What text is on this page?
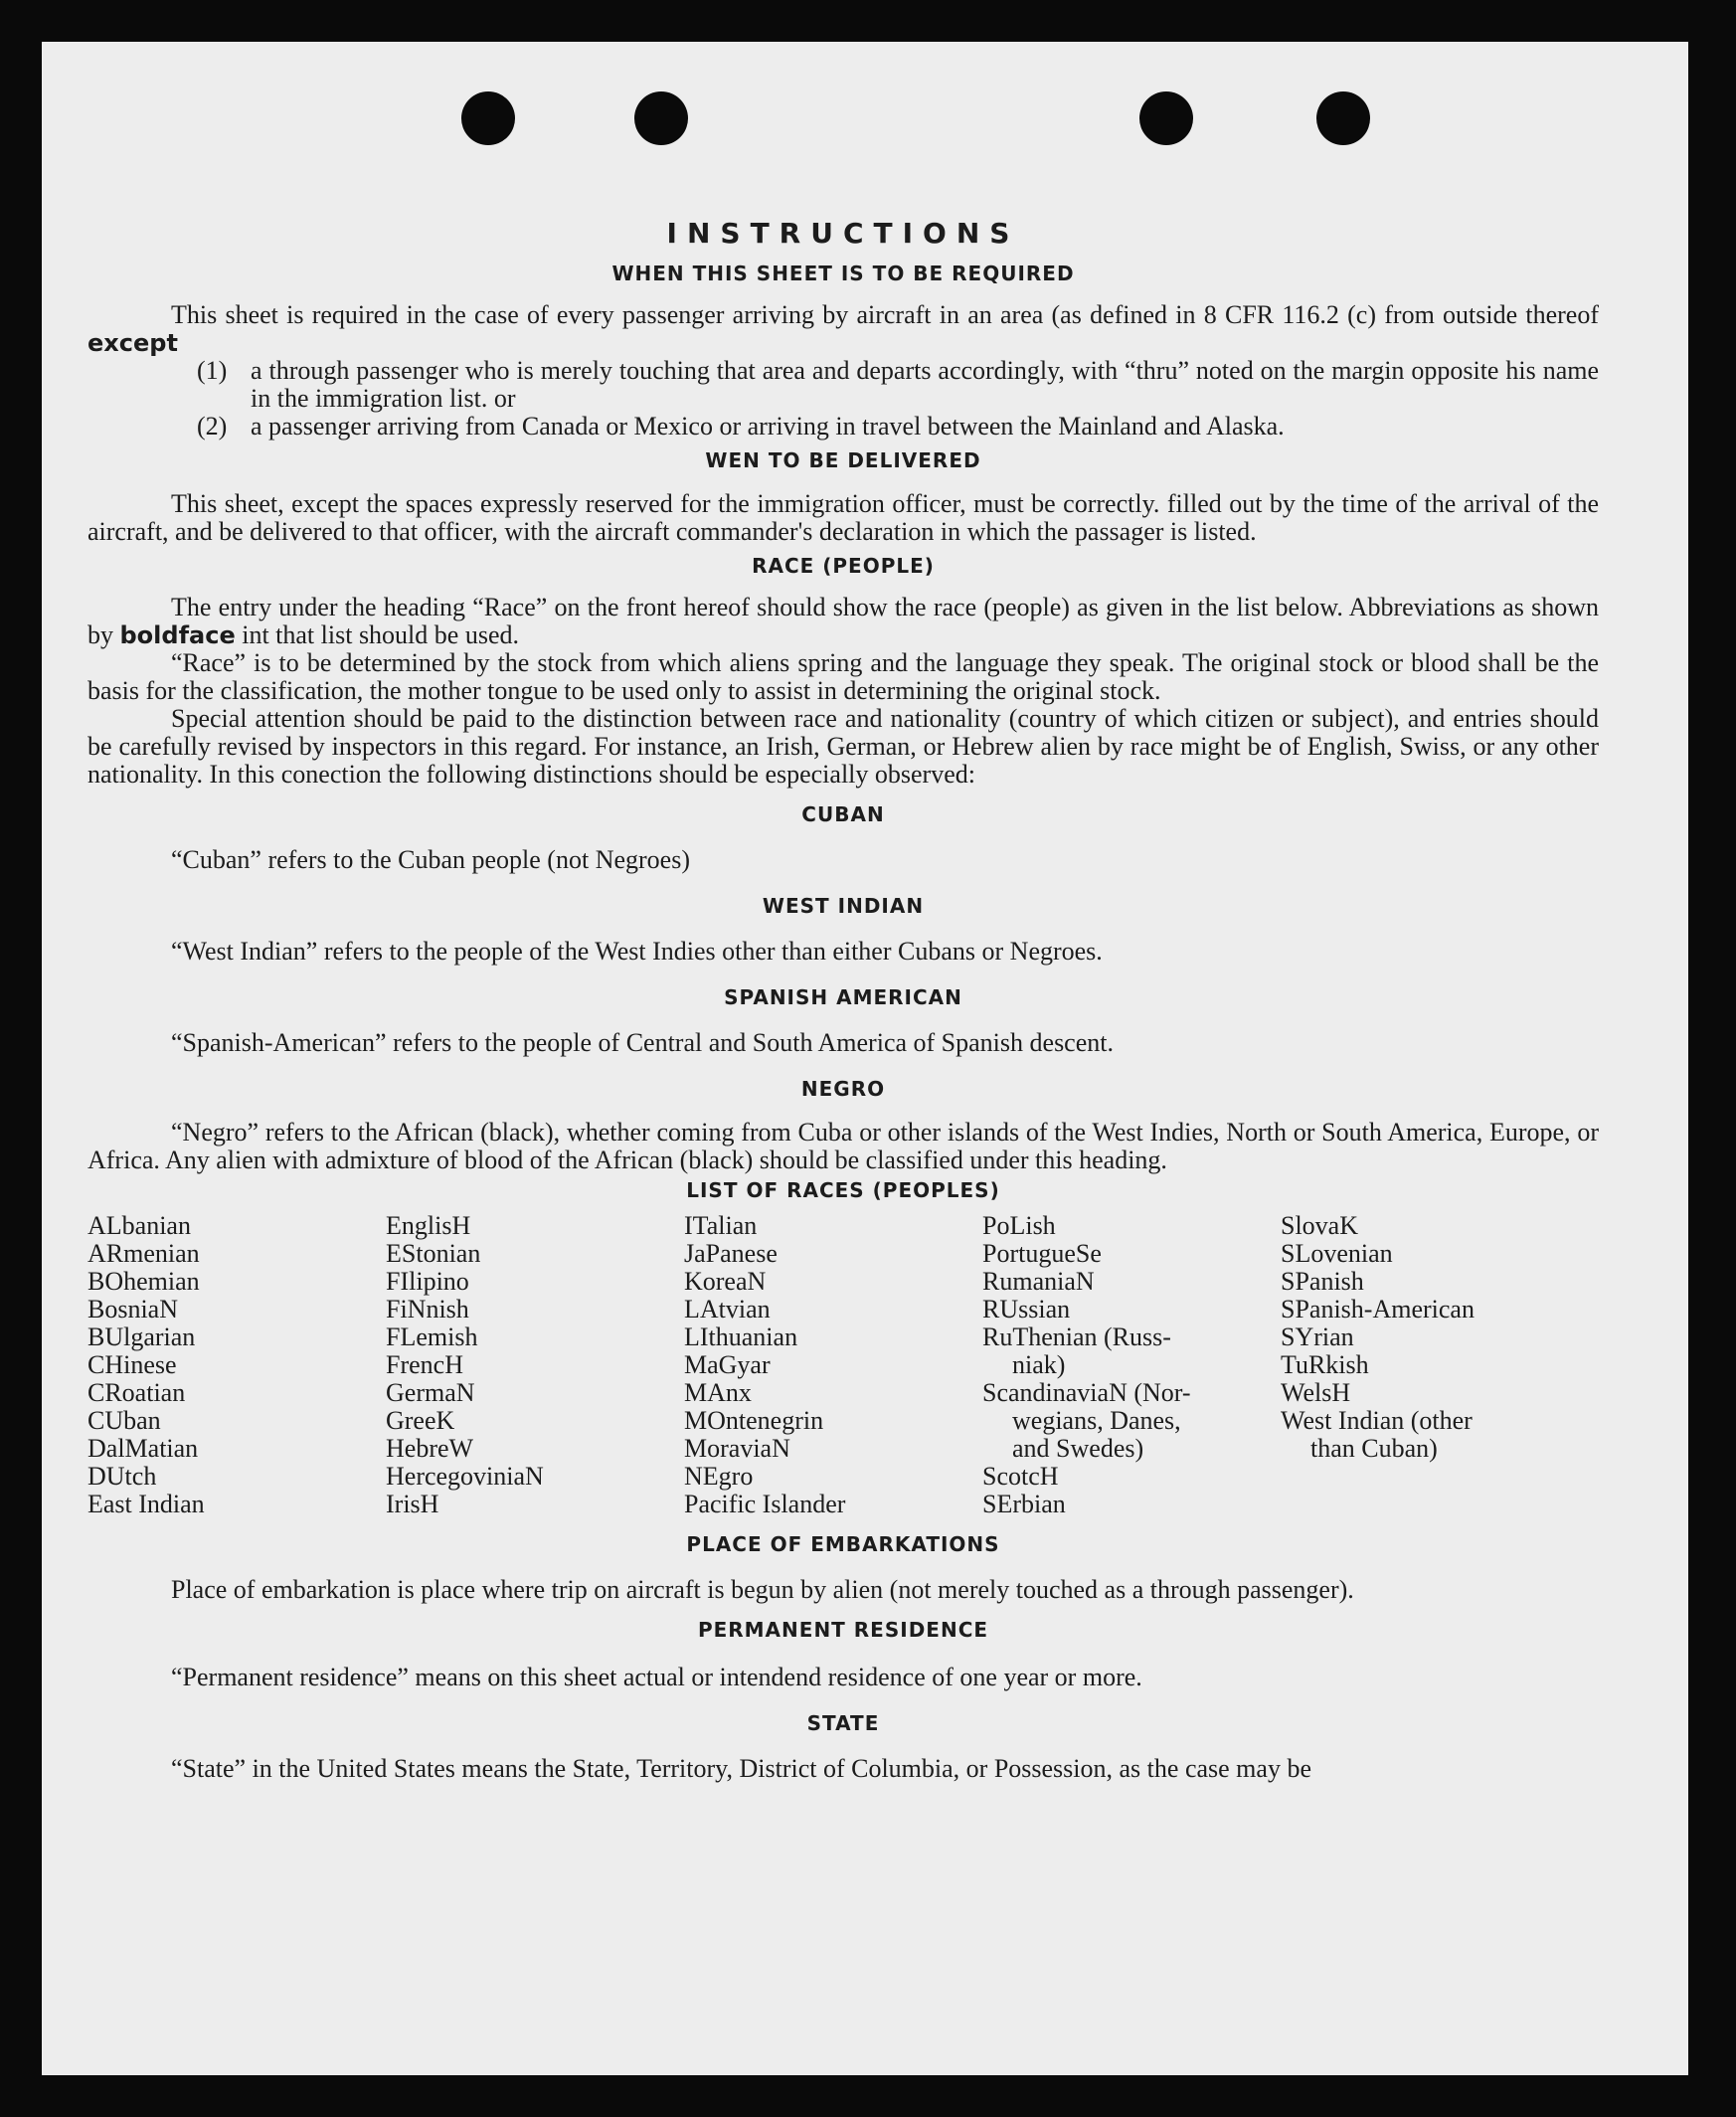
INSTRUCTIONS
WHEN THIS SHEET IS TO BE REQUIRED

This sheet is required in the case of every passenger arriving by aircraft in an area (as defined in 8 CFR 116.2 (c) from outside thereof except

(1) a through passenger who is merely touching that area and departs accordingly, with “thru” noted on the margin opposite his name in the immigration list. or
(2) a passenger arriving from Canada or Mexico or arriving in travel between the Mainland and Alaska.
WEN TO BE DELIVERED

This sheet, except the spaces expressly reserved for the immigration officer, must be correctly. filled out by the time of the arrival of the aircraft, and be delivered to that officer, with the aircraft commander's declaration in which the passager is listed.

RACE (PEOPLE)

The entry under the heading “Race” on the front hereof should show the race (people) as given in the list below. Abbreviations as shown by boldface int that list should be used.

“Race” is to be determined by the stock from which aliens spring and the language they speak. The original stock or blood shall be the basis for the classification, the mother tongue to be used only to assist in determining the original stock.

Special attention should be paid to the distinction between race and nationality (country of which citizen or subject), and entries should be carefully revised by inspectors in this regard. For instance, an Irish, German, or Hebrew alien by race might be of English, Swiss, or any other nationality. In this conection the following distinctions should be especially observed:

CUBAN

“Cuban” refers to the Cuban people (not Negroes)

WEST INDIAN

“West Indian” refers to the people of the West Indies other than either Cubans or Negroes.

SPANISH AMERICAN

“Spanish-American” refers to the people of Central and South America of Spanish descent.

NEGRO

“Negro” refers to the African (black), whether coming from Cuba or other islands of the West Indies, North or South America, Europe, or Africa. Any alien with admixture of blood of the African (black) should be classified under this heading.

LIST OF RACES (PEOPLES)
ALbanian
ARmenian
BOhemian
BosniaN
BUlgarian
CHinese
CRoatian
CUban
DalMatian
DUtch
East Indian
EnglisH
EStonian
FIlipino
FiNnish
FLemish
FrencH
GermaN
GreeK
HebreW
HercegoviniaN
IrisH
ITalian
JaPanese
KoreaN
LAtvian
LIthuanian
MaGyar
MAnx
MOntenegrin
MoraviaN
NEgro
Pacific Islander
PoLish
PortugueSe
RumaniaN
RUssian
RuThenian (Russ-
niak)
ScandinaviaN (Nor-
wegians, Danes,
and Swedes)
ScotcH
SErbian
SlovaK
SLovenian
SPanish
SPanish-American
SYrian
TuRkish
WelsH
West Indian (other
than Cuban)
PLACE OF EMBARKATIONS

Place of embarkation is place where trip on aircraft is begun by alien (not merely touched as a through passenger).

PERMANENT RESIDENCE

“Permanent residence” means on this sheet actual or intendend residence of one year or more.

STATE

“State” in the United States means the State, Territory, District of Columbia, or Possession, as the case may be
